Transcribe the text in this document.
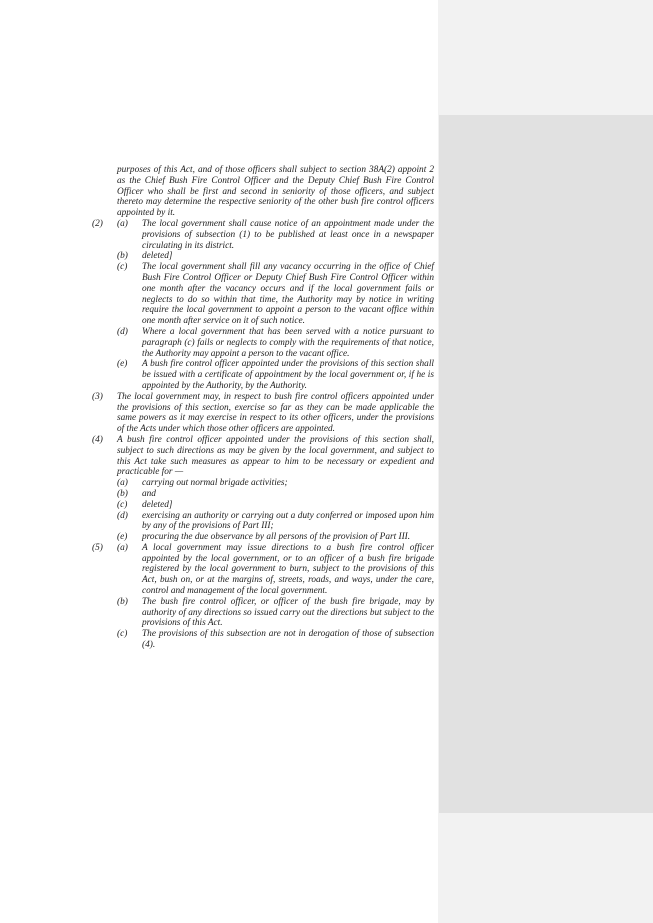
purposes of this Act, and of those officers shall subject to section 38A(2) appoint 2 as the Chief Bush Fire Control Officer and the Deputy Chief Bush Fire Control Officer who shall be first and second in seniority of those officers, and subject thereto may determine the respective seniority of the other bush fire control officers appointed by it.
(2)	(a)	The local government shall cause notice of an appointment made under the provisions of subsection (1) to be published at least once in a newspaper circulating in its district.
(b)	deleted]
(c)	The local government shall fill any vacancy occurring in the office of Chief Bush Fire Control Officer or Deputy Chief Bush Fire Control Officer within one month after the vacancy occurs and if the local government fails or neglects to do so within that time, the Authority may by notice in writing require the local government to appoint a person to the vacant office within one month after service on it of such notice.
(d)	Where a local government that has been served with a notice pursuant to paragraph (c) fails or neglects to comply with the requirements of that notice, the Authority may appoint a person to the vacant office.
(e)	A bush fire control officer appointed under the provisions of this section shall be issued with a certificate of appointment by the local government or, if he is appointed by the Authority, by the Authority.
(3)	The local government may, in respect to bush fire control officers appointed under the provisions of this section, exercise so far as they can be made applicable the same powers as it may exercise in respect to its other officers, under the provisions of the Acts under which those other officers are appointed.
(4)	A bush fire control officer appointed under the provisions of this section shall, subject to such directions as may be given by the local government, and subject to this Act take such measures as appear to him to be necessary or expedient and practicable for —
(a)	carrying out normal brigade activities;
(b)	and
(c)	deleted]
(d)	exercising an authority or carrying out a duty conferred or imposed upon him by any of the provisions of Part III;
(e)	procuring the due observance by all persons of the provision of Part III.
(5)	(a)	A local government may issue directions to a bush fire control officer appointed by the local government, or to an officer of a bush fire brigade registered by the local government to burn, subject to the provisions of this Act, bush on, or at the margins of, streets, roads, and ways, under the care, control and management of the local government.
(b)	The bush fire control officer, or officer of the bush fire brigade, may by authority of any directions so issued carry out the directions but subject to the provisions of this Act.
(c)	The provisions of this subsection are not in derogation of those of subsection (4).
